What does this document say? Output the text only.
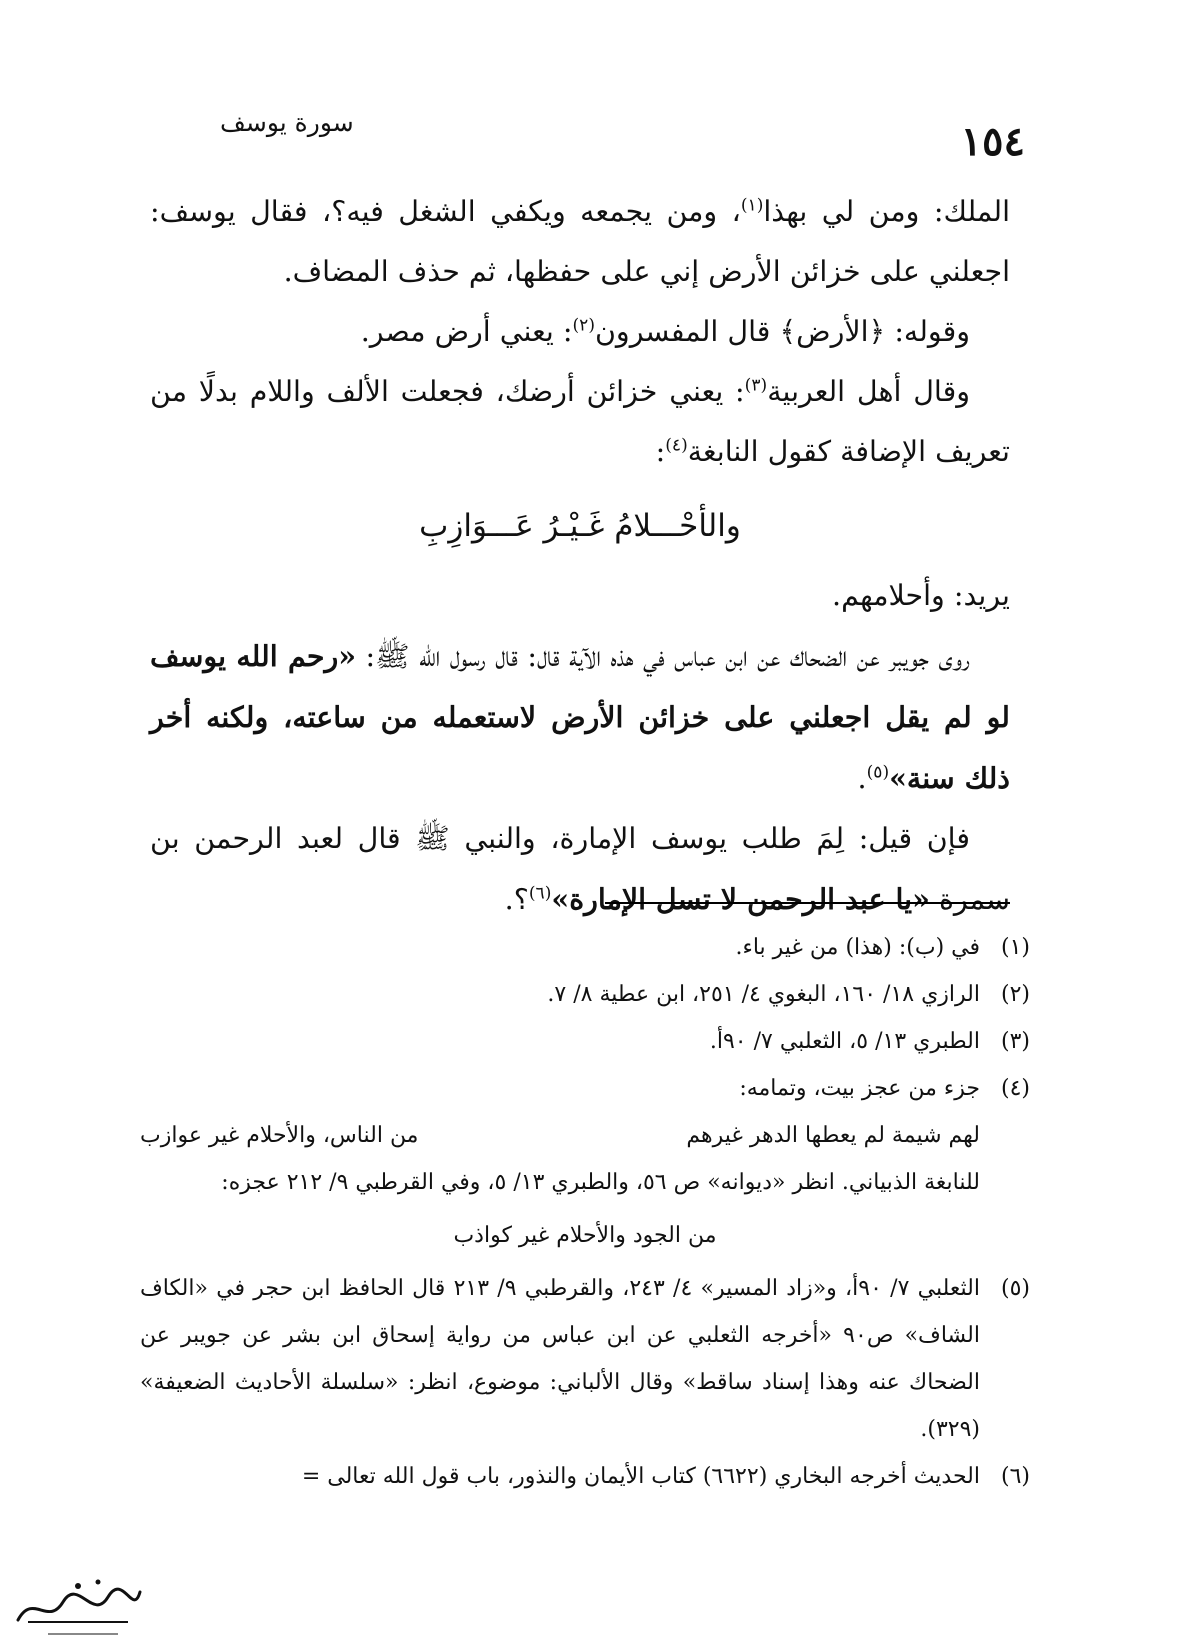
سورة يوسف	١٥٤

الملك: ومن لي بهذا$^{(١)}$، ومن يجمعه ويكفي الشغل فيه؟، فقال يوسف: اجعلني على خزائن الأرض إني على حفظها، ثم حذف المضاف.

وقوله: ﴿الأرض﴾ قال المفسرون$^{(٢)}$: يعني أرض مصر.

وقال أهل العربية$^{(٣)}$: يعني خزائن أرضك، فجعلت الألف واللام بدلًا من تعريف الإضافة كقول النابغة$^{(٤)}$:

والأحْـــلامُ غَـيْـرُ عَـــوَازِبِ

يريد: وأحلامهم.

روى جويبر عن الضحاك عن ابن عباس في هذه الآية قال: قال رسول الله ﷺ: «رحم الله يوسف لو لم يقل اجعلني على خزائن الأرض لاستعمله من ساعته، ولكنه أخر ذلك سنة»$^{(٥)}$.

فإن قيل: لِمَ طلب يوسف الإمارة، والنبي ﷺ قال لعبد الرحمن بن سمرة «يا عبد الرحمن لا تسل الإمارة»$^{(٦)}$؟.

(١)
في (ب): (هذا) من غير باء.
(٢)
الرازي ١٨/ ١٦٠، البغوي ٤/ ٢٥١، ابن عطية ٨/ ٧.
(٣)
الطبري ١٣/ ٥، الثعلبي ٧/ ٩٠أ.
(٤)
جزء من عجز بيت، وتمامه:
لهم شيمة لم يعطها الدهر غيرهم
من الناس، والأحلام غير عوازب
للنابغة الذبياني. انظر «ديوانه» ص ٥٦، والطبري ١٣/ ٥، وفي القرطبي ٩/ ٢١٢ عجزه:
من الجود والأحلام غير كواذب
(٥)
الثعلبي ٧/ ٩٠أ، و«زاد المسير» ٤/ ٢٤٣، والقرطبي ٩/ ٢١٣ قال الحافظ ابن حجر في «الكاف الشاف» ص٩٠ «أخرجه الثعلبي عن ابن عباس من رواية إسحاق ابن بشر عن جويبر عن الضحاك عنه وهذا إسناد ساقط» وقال الألباني: موضوع، انظر: «سلسلة الأحاديث الضعيفة» (٣٢٩).
(٦)
الحديث أخرجه البخاري (٦٦٢٢) كتاب الأيمان والنذور، باب قول الله تعالى =
